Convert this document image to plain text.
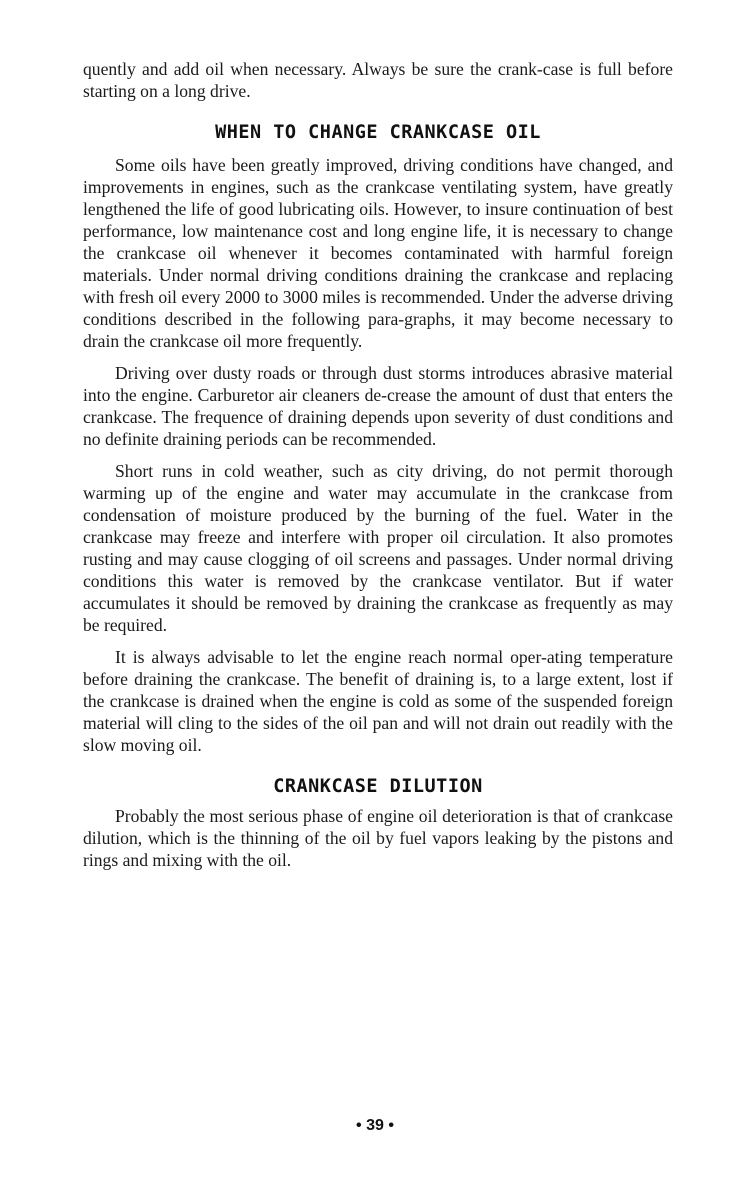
quently and add oil when necessary. Always be sure the crank-case is full before starting on a long drive.

WHEN TO CHANGE CRANKCASE OIL

Some oils have been greatly improved, driving conditions have changed, and improvements in engines, such as the crankcase ventilating system, have greatly lengthened the life of good lubricating oils. However, to insure continuation of best performance, low maintenance cost and long engine life, it is necessary to change the crankcase oil whenever it becomes contaminated with harmful foreign materials. Under normal driving conditions draining the crankcase and replacing with fresh oil every 2000 to 3000 miles is recommended. Under the adverse driving conditions described in the following para-graphs, it may become necessary to drain the crankcase oil more frequently.

Driving over dusty roads or through dust storms introduces abrasive material into the engine. Carburetor air cleaners de-crease the amount of dust that enters the crankcase. The frequence of draining depends upon severity of dust conditions and no definite draining periods can be recommended.

Short runs in cold weather, such as city driving, do not permit thorough warming up of the engine and water may accumulate in the crankcase from condensation of moisture produced by the burning of the fuel. Water in the crankcase may freeze and interfere with proper oil circulation. It also promotes rusting and may cause clogging of oil screens and passages. Under normal driving conditions this water is removed by the crankcase ventilator. But if water accumulates it should be removed by draining the crankcase as frequently as may be required.

It is always advisable to let the engine reach normal oper-ating temperature before draining the crankcase. The benefit of draining is, to a large extent, lost if the crankcase is drained when the engine is cold as some of the suspended foreign material will cling to the sides of the oil pan and will not drain out readily with the slow moving oil.

CRANKCASE DILUTION

Probably the most serious phase of engine oil deterioration is that of crankcase dilution, which is the thinning of the oil by fuel vapors leaking by the pistons and rings and mixing with the oil.

• 39 •
